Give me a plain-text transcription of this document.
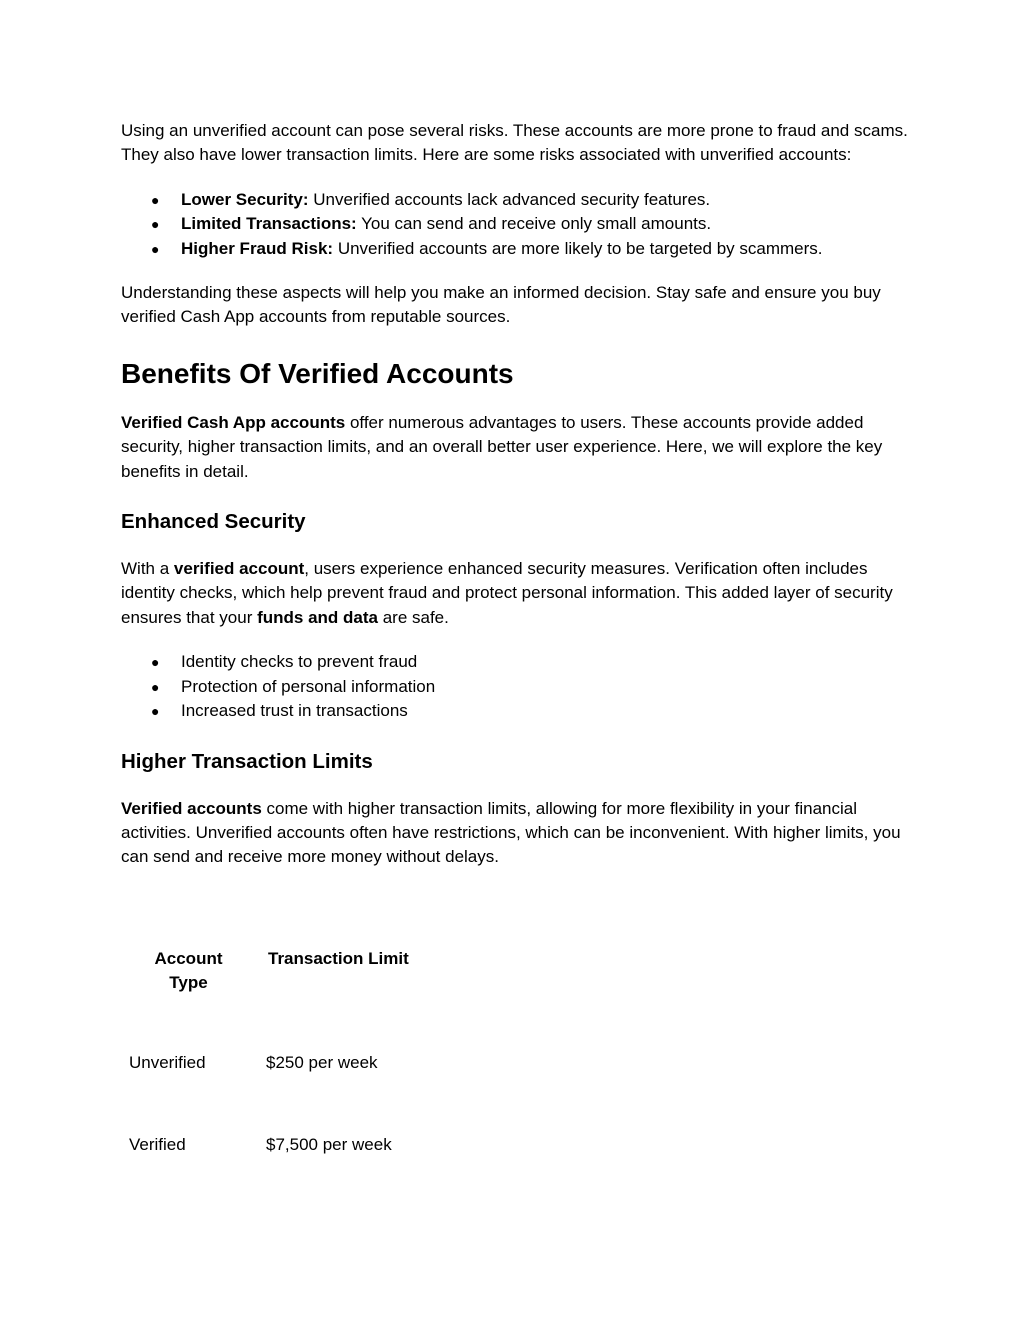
Using an unverified account can pose several risks. These accounts are more prone to fraud and scams. They also have lower transaction limits. Here are some risks associated with unverified accounts:

● Lower Security: Unverified accounts lack advanced security features.
● Limited Transactions: You can send and receive only small amounts.
● Higher Fraud Risk: Unverified accounts are more likely to be targeted by scammers.

Understanding these aspects will help you make an informed decision. Stay safe and ensure you buy verified Cash App accounts from reputable sources.

Benefits Of Verified Accounts

Verified Cash App accounts offer numerous advantages to users. These accounts provide added security, higher transaction limits, and an overall better user experience. Here, we will explore the key benefits in detail.

Enhanced Security

With a verified account, users experience enhanced security measures. Verification often includes identity checks, which help prevent fraud and protect personal information. This added layer of security ensures that your funds and data are safe.

● Identity checks to prevent fraud
● Protection of personal information
● Increased trust in transactions
Higher Transaction Limits

Verified accounts come with higher transaction limits, allowing for more flexibility in your financial activities. Unverified accounts often have restrictions, which can be inconvenient. With higher limits, you can send and receive more money without delays.

Account Type
Transaction Limit
Unverified	$250 per week
Verified	$7,500 per week
